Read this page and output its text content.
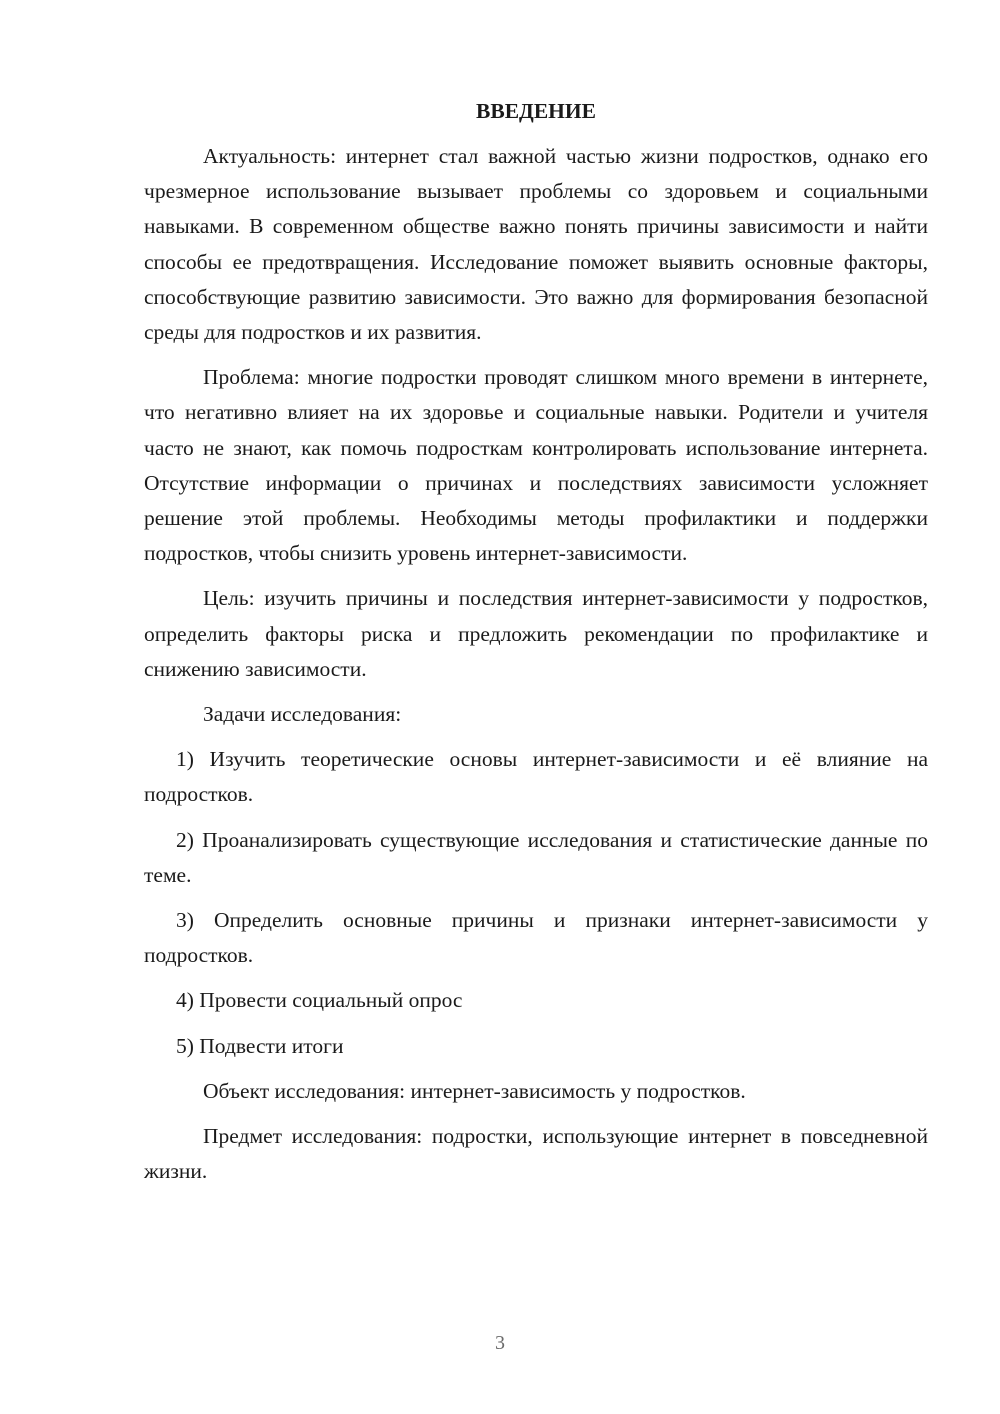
ВВЕДЕНИЕ

Актуальность: интернет стал важной частью жизни подростков, однако его чрезмерное использование вызывает проблемы со здоровьем и социальными навыками. В современном обществе важно понять причины зависимости и найти способы ее предотвращения. Исследование поможет выявить основные факторы, способствующие развитию зависимости. Это важно для формирования безопасной среды для подростков и их развития.

Проблема: многие подростки проводят слишком много времени в интернете, что негативно влияет на их здоровье и социальные навыки. Родители и учителя часто не знают, как помочь подросткам контролировать использование интернета. Отсутствие информации о причинах и последствиях зависимости усложняет решение этой проблемы. Необходимы методы профилактики и поддержки подростков, чтобы снизить уровень интернет-зависимости.

Цель: изучить причины и последствия интернет-зависимости у подростков, определить факторы риска и предложить рекомендации по профилактике и снижению зависимости.

Задачи исследования:

1) Изучить теоретические основы интернет-зависимости и её влияние на подростков.

2) Проанализировать существующие исследования и статистические данные по теме.

3) Определить основные причины и признаки интернет-зависимости у подростков.

4) Провести социальный опрос

5) Подвести итоги

Объект исследования: интернет-зависимость у подростков.

Предмет исследования: подростки, использующие интернет в повседневной жизни.

3
